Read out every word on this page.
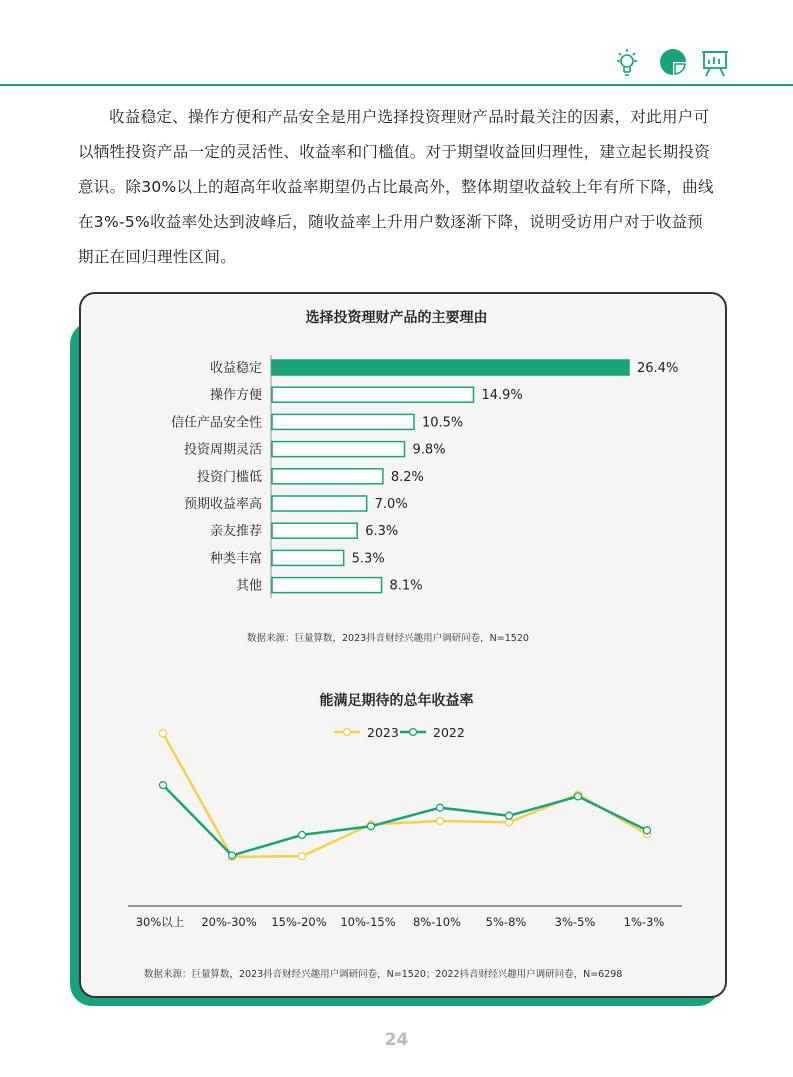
收益稳定、操作方便和产品安全是用户选择投资理财产品时最关注的因素，对此用户可以牺牲投资产品一定的灵活性、收益率和门槛值。对于期望收益回归理性，建立起长期投资意识。除30%以上的超高年收益率期望仍占比最高外，整体期望收益较上年有所下降，曲线在3%-5%收益率处达到波峰后，随收益率上升用户数逐渐下降，说明受访用户对于收益预期正在回归理性区间。

选择投资理财产品的主要理由
收益稳定	26.4%
操作方便	14.9%
信任产品安全性	10.5%
投资周期灵活	9.8%
投资门槛低	8.2%
预期收益率高	7.0%
亲友推荐	6.3%
种类丰富	5.3%
其他	8.1%
数据来源：巨量算数，2023抖音财经兴趣用户调研问卷，N=1520
能满足期待的总年收益率
30%以上 20%-30% 15%-20% 10%-15% 8%-10% 5%-8% 3%-5% 1%-3%
2023	2022
数据来源：巨量算数，2023抖音财经兴趣用户调研问卷，N=1520；2022抖音财经兴趣用户调研问卷，N=6298
24
